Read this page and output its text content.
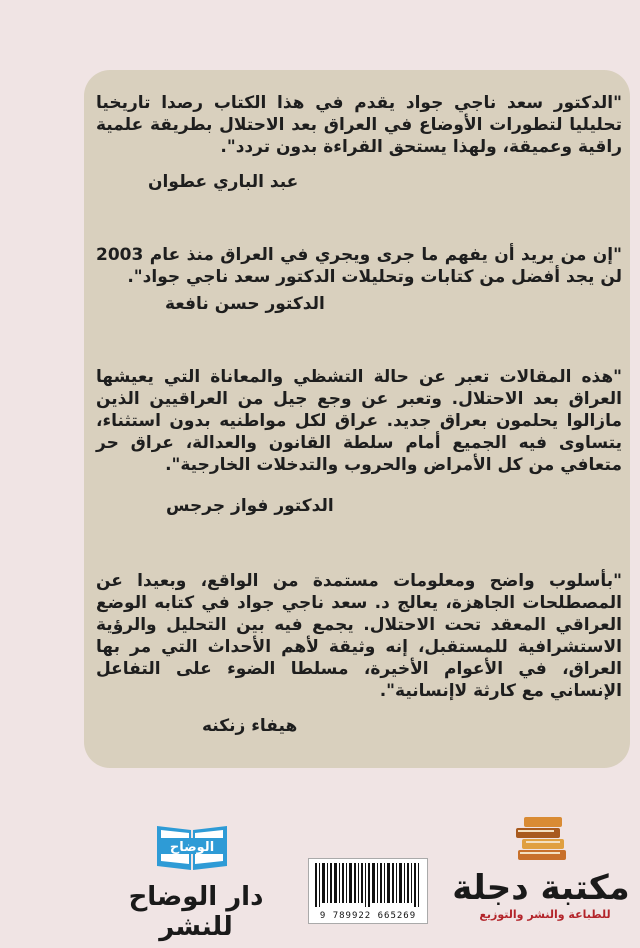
"الدكتور سعد ناجي جواد يقدم في هذا الكتاب رصدا تاريخيا تحليليا لتطورات الأوضاع في العراق بعد الاحتلال بطريقة علمية راقية وعميقة، ولهذا يستحق القراءة بدون تردد".
عبد الباري عطوان
"إن من يريد أن يفهم ما جرى ويجري في العراق منذ عام 2003 لن يجد أفضل من كتابات وتحليلات الدكتور سعد ناجي جواد".
الدكتور حسن نافعة
"هذه المقالات تعبر عن حالة التشظي والمعاناة التي يعيشها العراق بعد الاحتلال. وتعبر عن وجع جيل من العراقيين الذين مازالوا يحلمون بعراق جديد. عراق لكل مواطنيه بدون استثناء، يتساوى فيه الجميع أمام سلطة القانون والعدالة، عراق حر متعافي من كل الأمراض والحروب والتدخلات الخارجية".
الدكتور فواز جرجس
"بأسلوب واضح ومعلومات مستمدة من الواقع، وبعيدا عن المصطلحات الجاهزة، يعالج د. سعد ناجي جواد في كتابه الوضع العراقي المعقد تحت الاحتلال. يجمع فيه بين التحليل والرؤية الاستشرافية للمستقبل، إنه وثيقة لأهم الأحداث التي مر بها العراق، في الأعوام الأخيرة، مسلطا الضوء على التفاعل الإنساني مع كارثة لاإنسانية".
هيفاء زنكنه
الوضاح
دار الوضاح للنشر	9 789922 665269
مكتبة دجلة
للطباعة والنشر والتوزيع
